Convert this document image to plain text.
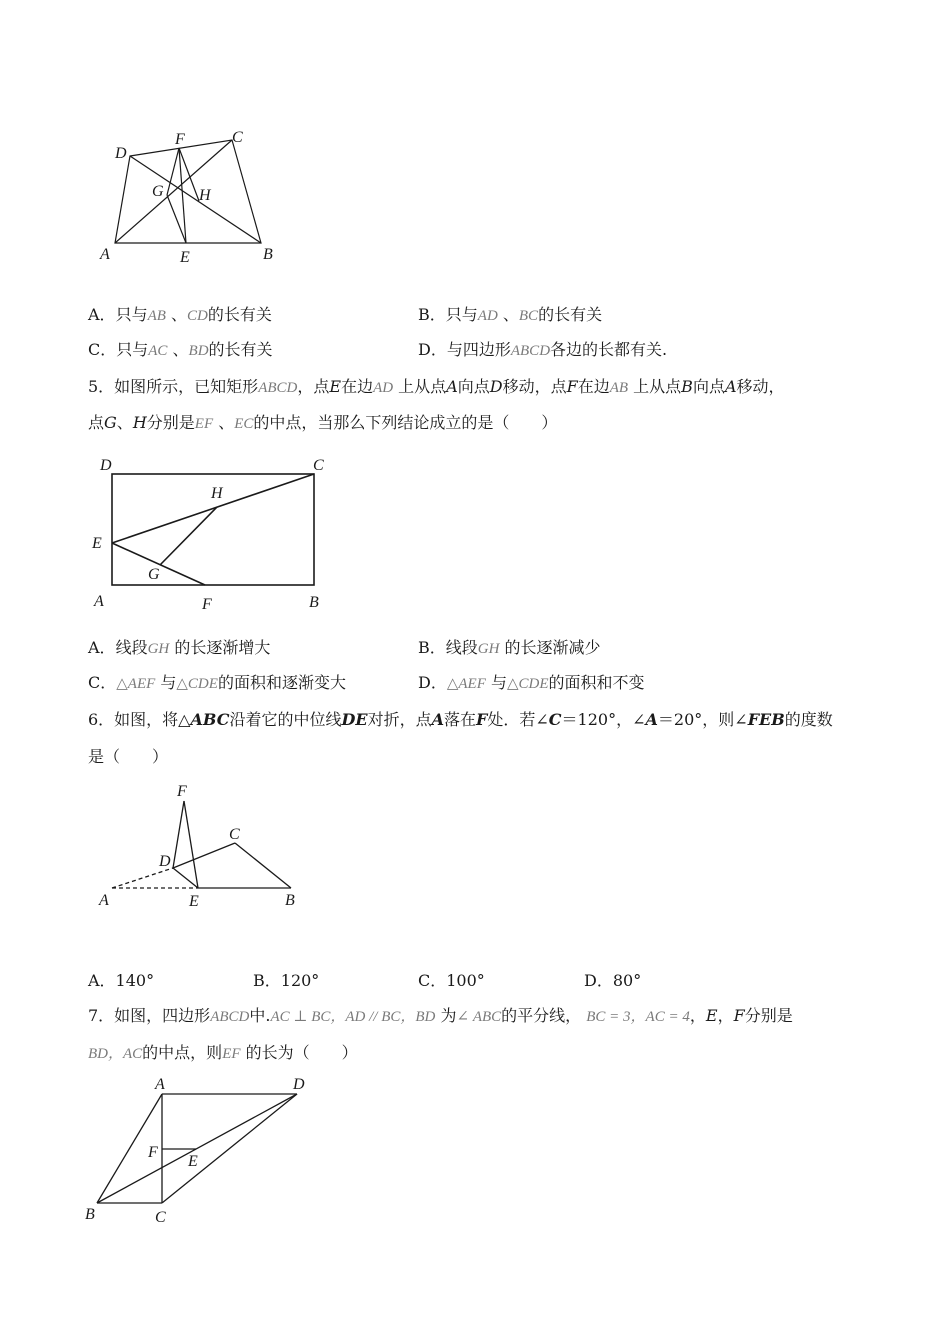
D
F	C
G H
A	E	B
A．只与AB 、CD的长有关	B．只与AD 、BC的长有关
C．只与AC 、BD的长有关	D．与四边形ABCD各边的长都有关.
5．如图所示，已知矩形ABCD，点E在边AD 上从点A向点D移动，点F在边AB 上从点B向点A移动，
点G、H分别是EF 、EC的中点，当那么下列结论成立的是（　　）
D	C
H
E
G
A	F	B
A．线段GH 的长逐渐增大	B．线段GH 的长逐渐减少
C．△AEF 与△CDE的面积和逐渐变大	D．△AEF 与△CDE的面积和不变
6．如图，将△ABC沿着它的中位线DE对折，点A落在F处．若∠C＝120°，∠A＝20°，则∠FEB的度数
是（　　）
F
C
D
A	E	B
A．140°	B．120°	C．100°	D．80°
7．如图，四边形ABCD中.AC ⊥ BC，AD // BC，BD 为∠ ABC的平分线， BC = 3，AC = 4，E，F分别是
BD，AC的中点，则EF 的长为（　　）
A	D
F
E
B	C
